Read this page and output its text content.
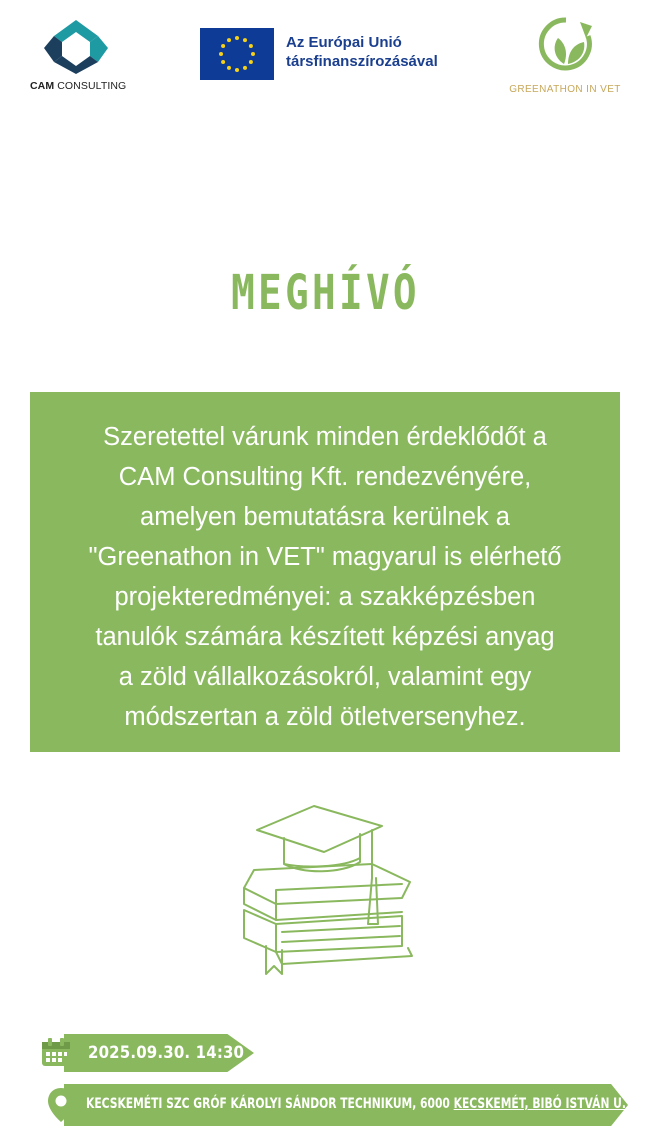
CAM CONSULTING
Az Európai Unió
társfinanszírozásával
GREENATHON IN VET
MEGHÍVÓ

Szeretettel várunk minden érdeklődőt a
CAM Consulting Kft. rendezvényére,
amelyen bemutatásra kerülnek a
"Greenathon in VET" magyarul is elérhető
projekteredményei: a szakképzésben
tanulók számára készített képzési anyag
a zöld vállalkozásokról, valamint egy
módszertan a zöld ötletversenyhez.

2025.09.30. 14:30
KECSKEMÉTI SZC GRÓF KÁROLYI SÁNDOR TECHNIKUM, 6000 KECSKEMÉT, BIBÓ ISTVÁN U. 1.
